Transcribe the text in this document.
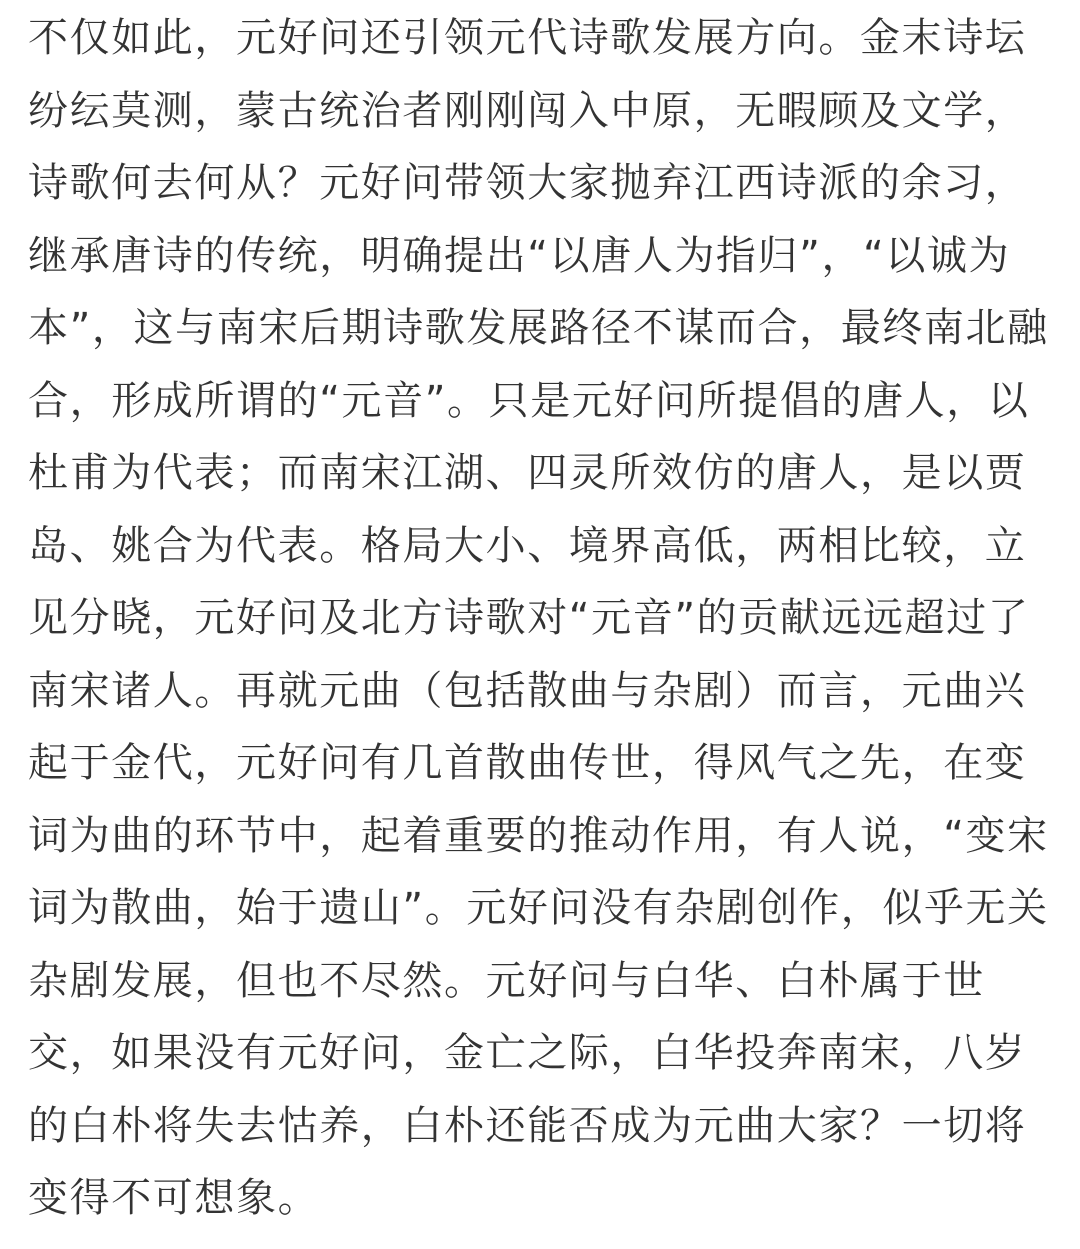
不仅如此，元好问还引领元代诗歌发展方向。金末诗坛
纷纭莫测，蒙古统治者刚刚闯入中原，无暇顾及文学，
诗歌何去何从？元好问带领大家抛弃江西诗派的余习，
继承唐诗的传统，明确提出“以唐人为指归”，“以诚为
本”，这与南宋后期诗歌发展路径不谋而合，最终南北融
合，形成所谓的“元音”。只是元好问所提倡的唐人，以
杜甫为代表；而南宋江湖、四灵所效仿的唐人，是以贾
岛、姚合为代表。格局大小、境界高低，两相比较，立
见分晓，元好问及北方诗歌对“元音”的贡献远远超过了
南宋诸人。再就元曲（包括散曲与杂剧）而言，元曲兴
起于金代，元好问有几首散曲传世，得风气之先，在变
词为曲的环节中，起着重要的推动作用，有人说，“变宋
词为散曲，始于遗山”。元好问没有杂剧创作，似乎无关
杂剧发展，但也不尽然。元好问与白华、白朴属于世
交，如果没有元好问，金亡之际，白华投奔南宋，八岁
的白朴将失去怙养，白朴还能否成为元曲大家？一切将
变得不可想象。
